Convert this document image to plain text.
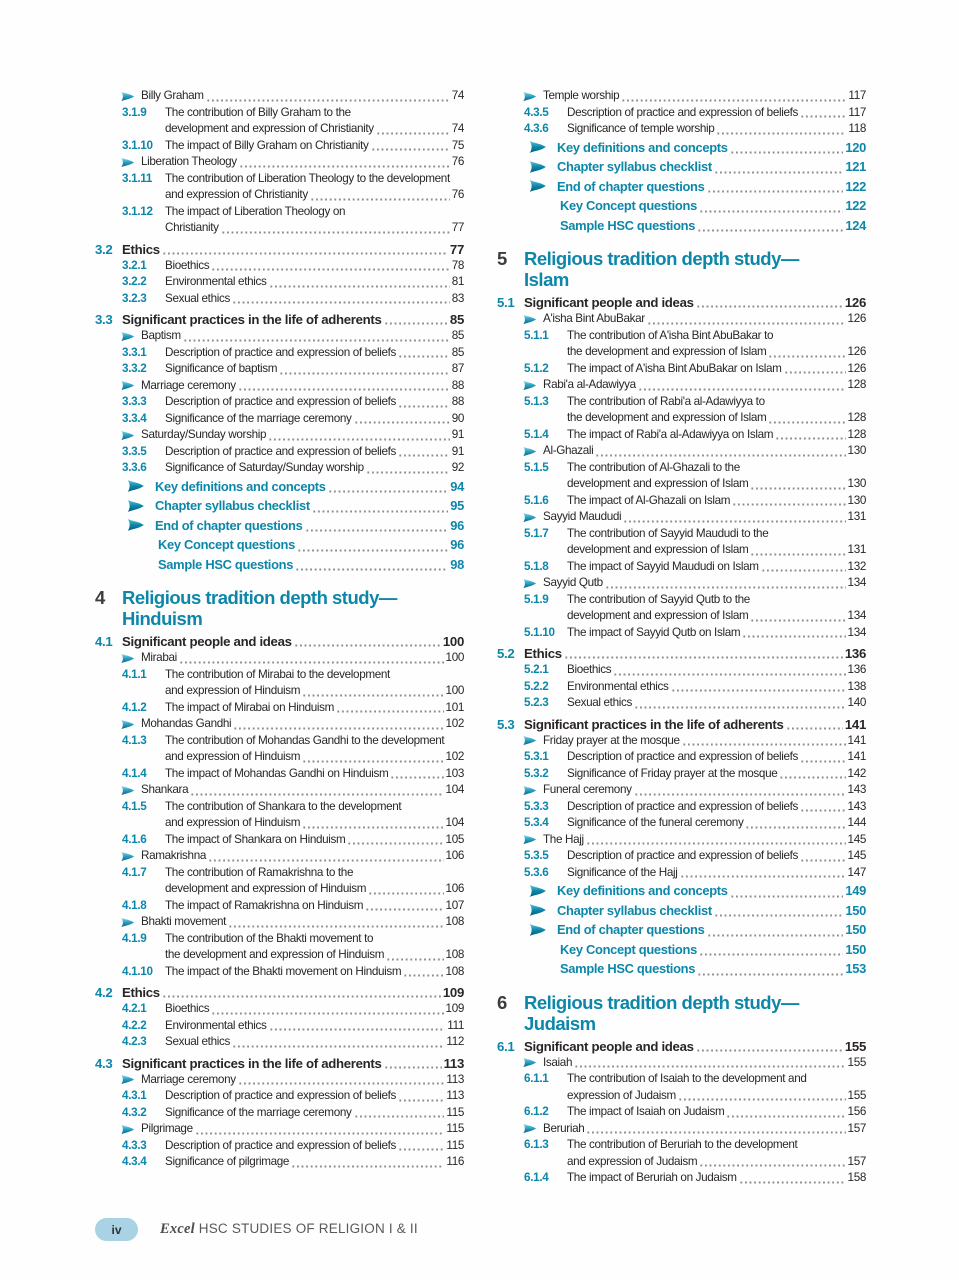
Billy Graham	74
3.1.9	The contribution of Billy Graham to the
development and expression of Christianity	74
3.1.10	The impact of Billy Graham on Christianity	75
Liberation Theology	76
3.1.11	The contribution of Liberation Theology to the development
and expression of Christianity	76
3.1.12	The impact of Liberation Theology on
Christianity	77
3.2 Ethics	77
3.2.1	Bioethics	78
3.2.2	Environmental ethics	81
3.2.3	Sexual ethics	83
3.3 Significant practices in the life of adherents	85
Baptism	85
3.3.1	Description of practice and expression of beliefs	85
3.3.2	Significance of baptism	87
Marriage ceremony	88
3.3.3	Description of practice and expression of beliefs	88
3.3.4	Significance of the marriage ceremony	90
Saturday/Sunday worship	91
3.3.5	Description of practice and expression of beliefs	91
3.3.6	Significance of Saturday/Sunday worship	92
Key definitions and concepts	94
Chapter syllabus checklist	95
End of chapter questions	96
Key Concept questions	96
Sample HSC questions	98
4 Religious tradition depth study—
Hinduism
4.1 Significant people and ideas	100
Mirabai	100
4.1.1	The contribution of Mirabai to the development
and expression of Hinduism	100
4.1.2	The impact of Mirabai on Hinduism	101
Mohandas Gandhi	102
4.1.3	The contribution of Mohandas Gandhi to the development
and expression of Hinduism	102
4.1.4	The impact of Mohandas Gandhi on Hinduism	103
Shankara	104
4.1.5	The contribution of Shankara to the development
and expression of Hinduism	104
4.1.6	The impact of Shankara on Hinduism	105
Ramakrishna	106
4.1.7	The contribution of Ramakrishna to the
development and expression of Hinduism	106
4.1.8	The impact of Ramakrishna on Hinduism	107
Bhakti movement	108
4.1.9	The contribution of the Bhakti movement to
the development and expression of Hinduism	108
4.1.10	The impact of the Bhakti movement on Hinduism	108
4.2 Ethics	109
4.2.1	Bioethics	109
4.2.2	Environmental ethics	111
4.2.3	Sexual ethics	112
4.3 Significant practices in the life of adherents	113
Marriage ceremony	113
4.3.1	Description of practice and expression of beliefs	113
4.3.2	Significance of the marriage ceremony	115
Pilgrimage	115
4.3.3	Description of practice and expression of beliefs	115
4.3.4	Significance of pilgrimage	116
Temple worship	117
4.3.5	Description of practice and expression of beliefs	117
4.3.6	Significance of temple worship	118
Key definitions and concepts	120
Chapter syllabus checklist	121
End of chapter questions	122
Key Concept questions	122
Sample HSC questions	124
5 Religious tradition depth study—
Islam
5.1 Significant people and ideas	126
A'isha Bint AbuBakar	126
5.1.1	The contribution of A'isha Bint AbuBakar to
the development and expression of Islam	126
5.1.2	The impact of A'isha Bint AbuBakar on Islam	126
Rabi'a al-Adawiyya	128
5.1.3	The contribution of Rabi'a al-Adawiyya to
the development and expression of Islam	128
5.1.4	The impact of Rabi'a al-Adawiyya on Islam	128
Al-Ghazali	130
5.1.5	The contribution of Al-Ghazali to the
development and expression of Islam	130
5.1.6	The impact of Al-Ghazali on Islam	130
Sayyid Maududi	131
5.1.7	The contribution of Sayyid Maududi to the
development and expression of Islam	131
5.1.8	The impact of Sayyid Maududi on Islam	132
Sayyid Qutb	134
5.1.9	The contribution of Sayyid Qutb to the
development and expression of Islam	134
5.1.10	The impact of Sayyid Qutb on Islam	134
5.2 Ethics	136
5.2.1	Bioethics	136
5.2.2	Environmental ethics	138
5.2.3	Sexual ethics	140
5.3 Significant practices in the life of adherents	141
Friday prayer at the mosque	141
5.3.1	Description of practice and expression of beliefs	141
5.3.2	Significance of Friday prayer at the mosque	142
Funeral ceremony	143
5.3.3	Description of practice and expression of beliefs	143
5.3.4	Significance of the funeral ceremony	144
The Hajj	145
5.3.5	Description of practice and expression of beliefs	145
5.3.6	Significance of the Hajj	147
Key definitions and concepts	149
Chapter syllabus checklist	150
End of chapter questions	150
Key Concept questions	150
Sample HSC questions	153
6 Religious tradition depth study—
Judaism
6.1 Significant people and ideas	155
Isaiah	155
6.1.1	The contribution of Isaiah to the development and
expression of Judaism	155
6.1.2	The impact of Isaiah on Judaism	156
Beruriah	157
6.1.3	The contribution of Beruriah to the development
and expression of Judaism	157
6.1.4	The impact of Beruriah on Judaism	158
iv	Excel HSC STUDIES OF RELIGION I & II
